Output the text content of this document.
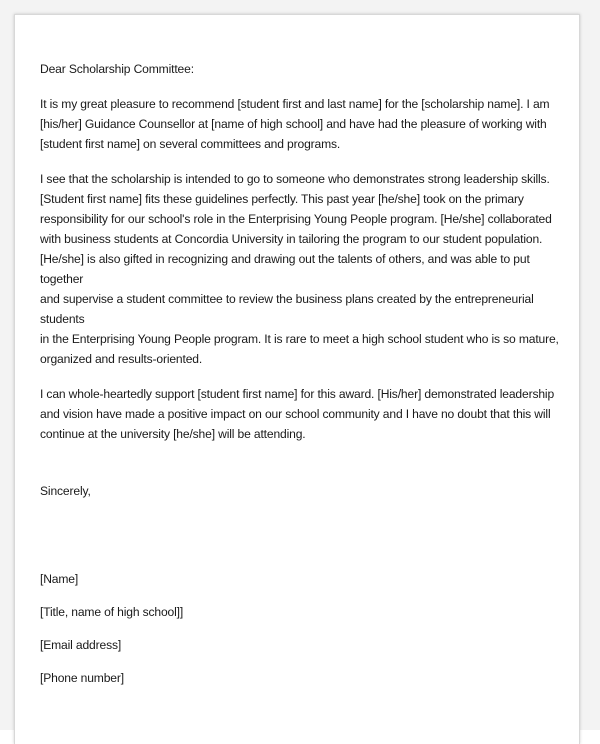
Dear Scholarship Committee:

It is my great pleasure to recommend [student first and last name] for the [scholarship name]. I am
[his/her] Guidance Counsellor at [name of high school] and have had the pleasure of working with
[student first name] on several committees and programs.

I see that the scholarship is intended to go to someone who demonstrates strong leadership skills.
[Student first name] fits these guidelines perfectly. This past year [he/she] took on the primary
responsibility for our school's role in the Enterprising Young People program. [He/she] collaborated
with business students at Concordia University in tailoring the program to our student population.
[He/she] is also gifted in recognizing and drawing out the talents of others, and was able to put together
and supervise a student committee to review the business plans created by the entrepreneurial students
in the Enterprising Young People program. It is rare to meet a high school student who is so mature,
organized and results-oriented.

I can whole-heartedly support [student first name] for this award. [His/her] demonstrated leadership
and vision have made a positive impact on our school community and I have no doubt that this will
continue at the university [he/she] will be attending.

Sincerely,

[Name]

[Title, name of high school]]

[Email address]

[Phone number]
